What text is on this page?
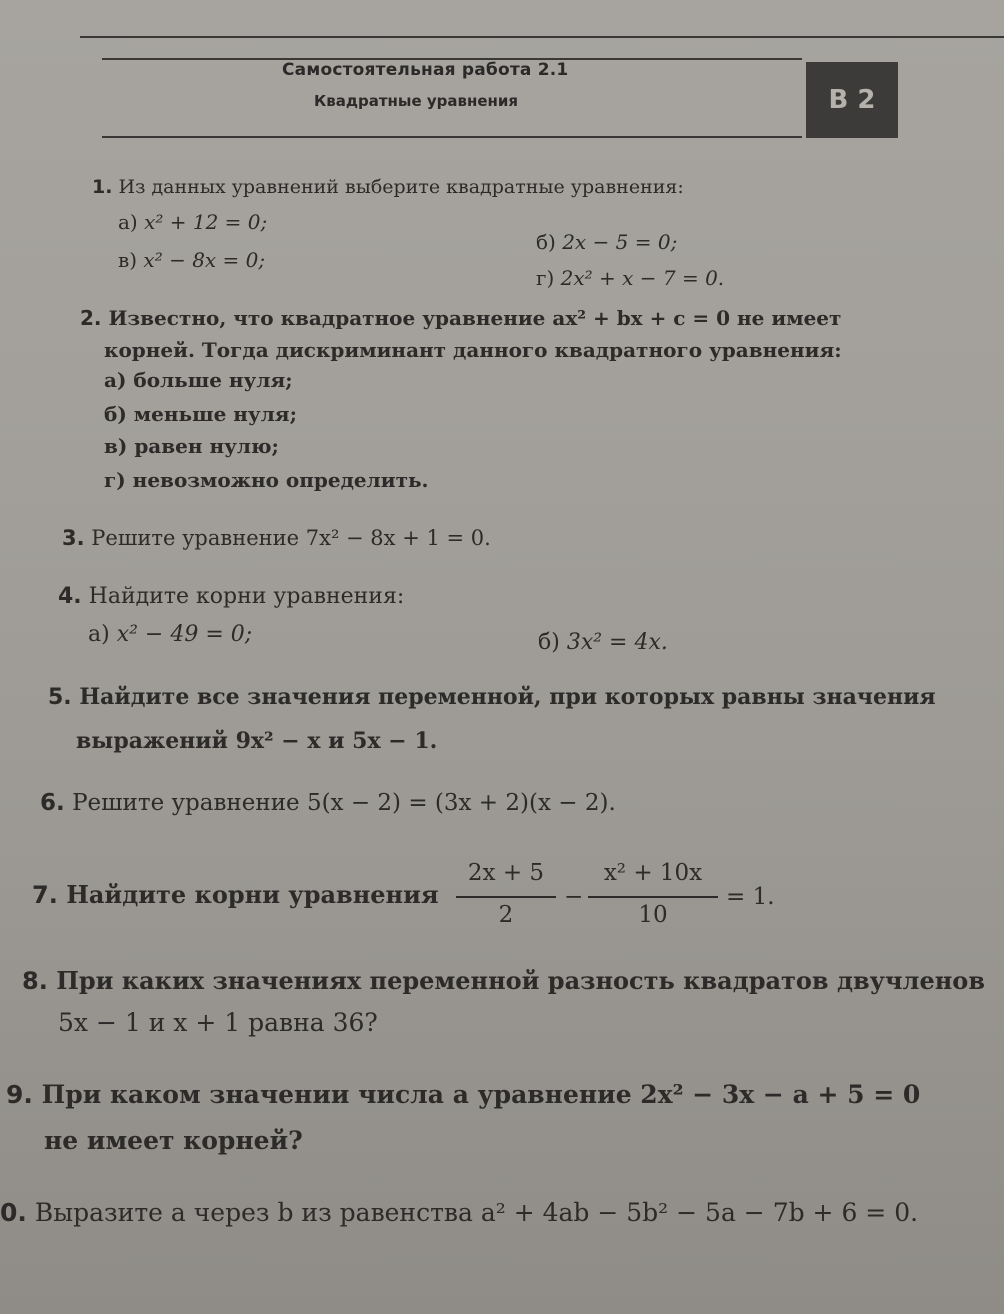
Самостоятельная работа 2.1
Квадратные уравнения	В 2
1. Из данных уравнений выберите квадратные уравнения:
а) x² + 12 = 0;
в) x² − 8x = 0;
б) 2x − 5 = 0;
г) 2x² + x − 7 = 0.
2. Известно, что квадратное уравнение ax² + bx + c = 0 не имеет
корней. Тогда дискриминант данного квадратного уравнения:
а) больше нуля;
б) меньше нуля;
в) равен нулю;
г) невозможно определить.
3. Решите уравнение 7x² − 8x + 1 = 0.
4. Найдите корни уравнения:
а) x² − 49 = 0;	б) 3x² = 4x.
5. Найдите все значения переменной, при которых равны значения
выражений 9x² − x и 5x − 1.
6. Решите уравнение 5(x − 2) = (3x + 2)(x − 2).
7. Найдите корни уравнения
2x + 5
2
−
x² + 10x
10
= 1.
8. При каких значениях переменной разность квадратов двучленов
5x − 1 и x + 1 равна 36?
9. При каком значении числа a уравнение 2x² − 3x − a + 5 = 0
не имеет корней?
0. Выразите a через b из равенства a² + 4ab − 5b² − 5a − 7b + 6 = 0.
